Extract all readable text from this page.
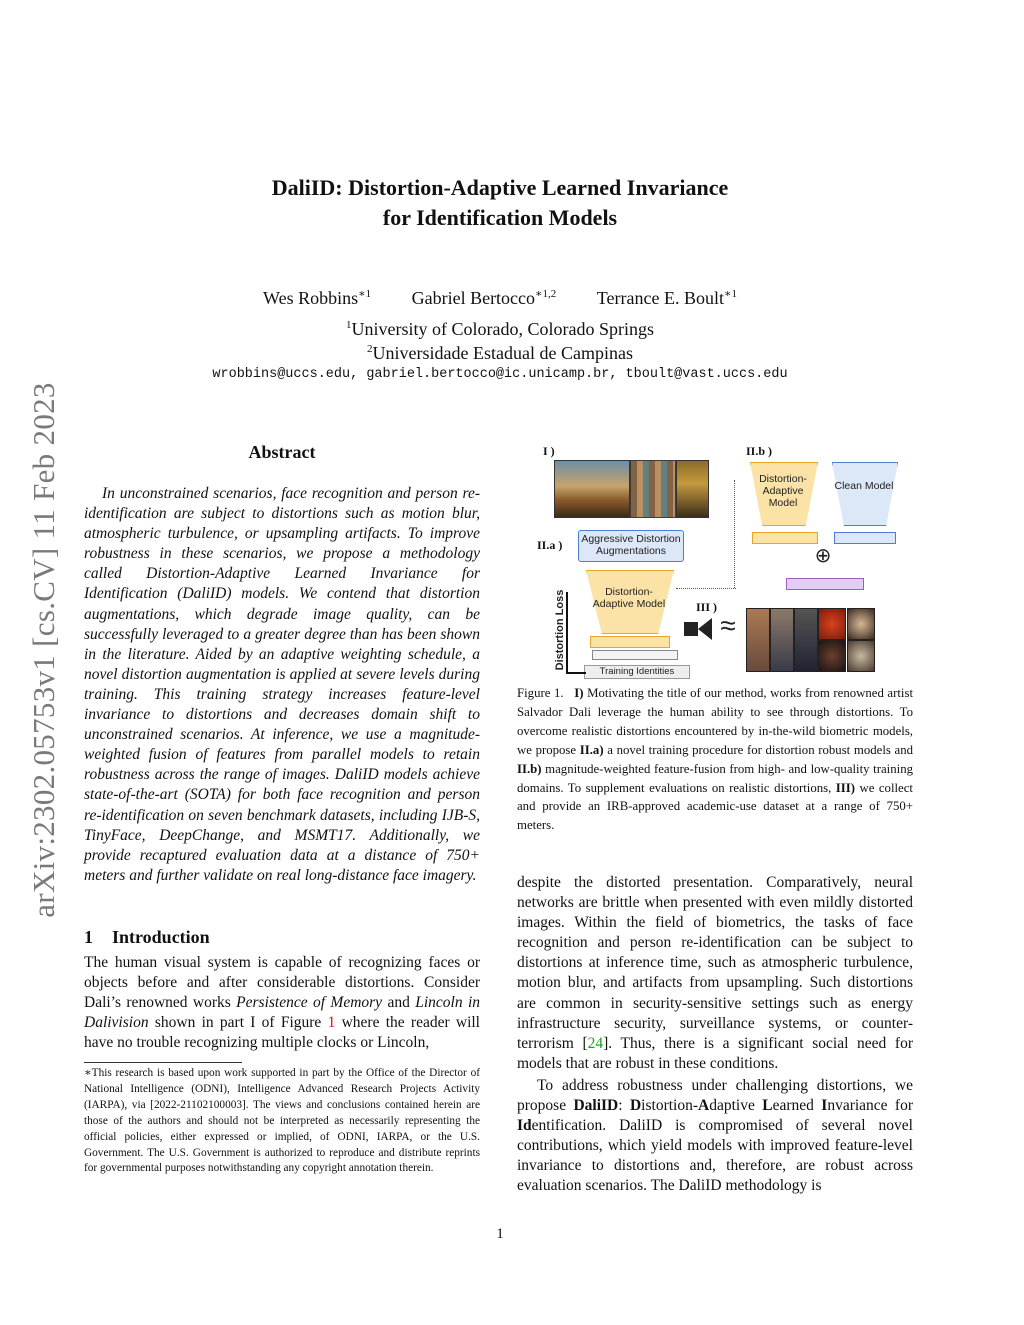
arXiv:2302.05753v1 [cs.CV] 11 Feb 2023
DaliID: Distortion-Adaptive Learned Invariance
for Identification Models
Wes Robbins$^{∗1}$ Gabriel Bertocco$^{∗1,2}$ Terrance E. Boult$^{∗1}$
$^1$University of Colorado, Colorado Springs
$^2$Universidade Estadual de Campinas
wrobbins@uccs.edu, gabriel.bertocco@ic.unicamp.br, tboult@vast.uccs.edu
Abstract
In unconstrained scenarios, face recognition and person re-identification are subject to distortions such as motion blur, atmospheric turbulence, or upsampling artifacts. To improve robustness in these scenarios, we propose a methodology called Distortion-Adaptive Learned Invariance for Identification (DaliID) models. We contend that distortion augmentations, which degrade image quality, can be successfully leveraged to a greater degree than has been shown in the literature. Aided by an adaptive weighting schedule, a novel distortion augmentation is applied at severe levels during training. This training strategy increases feature-level invariance to distortions and decreases domain shift to unconstrained scenarios. At inference, we use a magnitude-weighted fusion of features from parallel models to retain robustness across the range of images. DaliID models achieve state-of-the-art (SOTA) for both face recognition and person re-identification on seven benchmark datasets, including IJB-S, TinyFace, DeepChange, and MSMT17. Additionally, we provide recaptured evaluation data at a distance of 750+ meters and further validate on real long-distance face imagery.
1 Introduction
The human visual system is capable of recognizing faces or objects before and after considerable distortions. Consider Dali’s renowned works Persistence of Memory and Lincoln in Dalivision shown in part I of Figure 1 where the reader will have no trouble recognizing multiple clocks or Lincoln,
∗This research is based upon work supported in part by the Office of the Director of National Intelligence (ODNI), Intelligence Advanced Research Projects Activity (IARPA), via [2022-21102100003]. The views and conclusions contained herein are those of the authors and should not be interpreted as necessarily representing the official policies, either expressed or implied, of ODNI, IARPA, or the U.S. Government. The U.S. Government is authorized to reproduce and distribute reprints for governmental purposes notwithstanding any copyright annotation therein.
I )	II.b )
II.a )
III )
Aggressive Distortion Augmentations
Distortion-Adaptive Model
Training Identities
Distortion Loss
Distortion-Adaptive Model
Clean Model
⊕
≈
Figure 1. I) Motivating the title of our method, works from renowned artist Salvador Dali leverage the human ability to see through distortions. To overcome realistic distortions encountered by in-the-wild biometric models, we propose II.a) a novel training procedure for distortion robust models and II.b) magnitude-weighted feature-fusion from high- and low-quality training domains. To supplement evaluations on realistic distortions, III) we collect and provide an IRB-approved academic-use dataset at a range of 750+ meters.

despite the distorted presentation. Comparatively, neural networks are brittle when presented with even mildly distorted images. Within the field of biometrics, the tasks of face recognition and person re-identification can be subject to distortions at inference time, such as atmospheric turbulence, motion blur, and artifacts from upsampling. Such distortions are common in security-sensitive settings such as energy infrastructure security, surveillance systems, or counter-terrorism [24]. Thus, there is a significant social need for models that are robust in these conditions.

To address robustness under challenging distortions, we propose DaliID: Distortion-Adaptive Learned Invariance for Identification. DaliID is compromised of several novel contributions, which yield models with improved feature-level invariance to distortions and, therefore, are robust across evaluation scenarios. The DaliID methodology is

1
